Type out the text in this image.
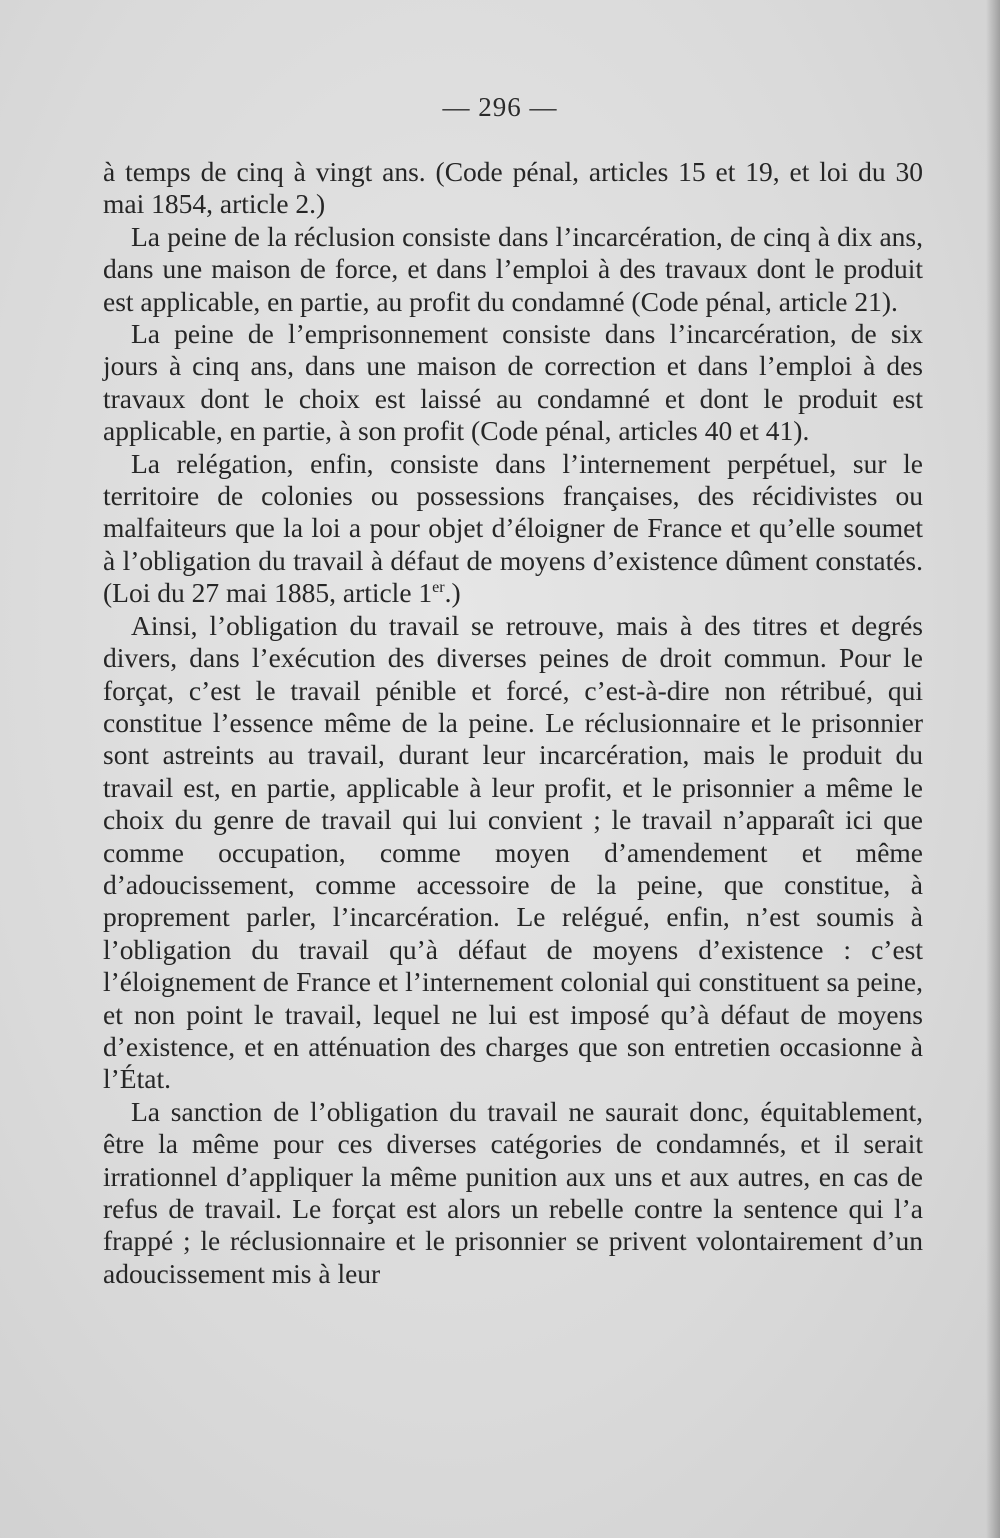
— 296 —

à temps de cinq à vingt ans. (Code pénal, articles 15 et 19, et loi du 30 mai 1854, article 2.)

La peine de la réclusion consiste dans l’incarcération, de cinq à dix ans, dans une maison de force, et dans l’emploi à des travaux dont le produit est applicable, en partie, au profit du condamné (Code pénal, article 21).

La peine de l’emprisonnement consiste dans l’incarcération, de six jours à cinq ans, dans une maison de correction et dans l’emploi à des travaux dont le choix est laissé au condamné et dont le produit est applicable, en partie, à son profit (Code pénal, articles 40 et 41).

La relégation, enfin, consiste dans l’internement perpétuel, sur le territoire de colonies ou possessions françaises, des récidivistes ou malfaiteurs que la loi a pour objet d’éloigner de France et qu’elle soumet à l’obligation du travail à défaut de moyens d’existence dûment constatés. (Loi du 27 mai 1885, article 1er.)

Ainsi, l’obligation du travail se retrouve, mais à des titres et degrés divers, dans l’exécution des diverses peines de droit commun. Pour le forçat, c’est le travail pénible et forcé, c’est-à-dire non rétribué, qui constitue l’essence même de la peine. Le réclusionnaire et le prisonnier sont astreints au travail, durant leur incarcération, mais le produit du travail est, en partie, applicable à leur profit, et le prisonnier a même le choix du genre de travail qui lui convient ; le travail n’apparaît ici que comme occupation, comme moyen d’amendement et même d’adoucissement, comme accessoire de la peine, que constitue, à proprement parler, l’incarcération. Le relégué, enfin, n’est soumis à l’obligation du travail qu’à défaut de moyens d’existence : c’est l’éloignement de France et l’internement colonial qui constituent sa peine, et non point le travail, lequel ne lui est imposé qu’à défaut de moyens d’existence, et en atténuation des charges que son entretien occasionne à l’État.

La sanction de l’obligation du travail ne saurait donc, équitablement, être la même pour ces diverses catégories de condamnés, et il serait irrationnel d’appliquer la même punition aux uns et aux autres, en cas de refus de travail. Le forçat est alors un rebelle contre la sentence qui l’a frappé ; le réclusionnaire et le prisonnier se privent volontairement d’un adoucissement mis à leur
